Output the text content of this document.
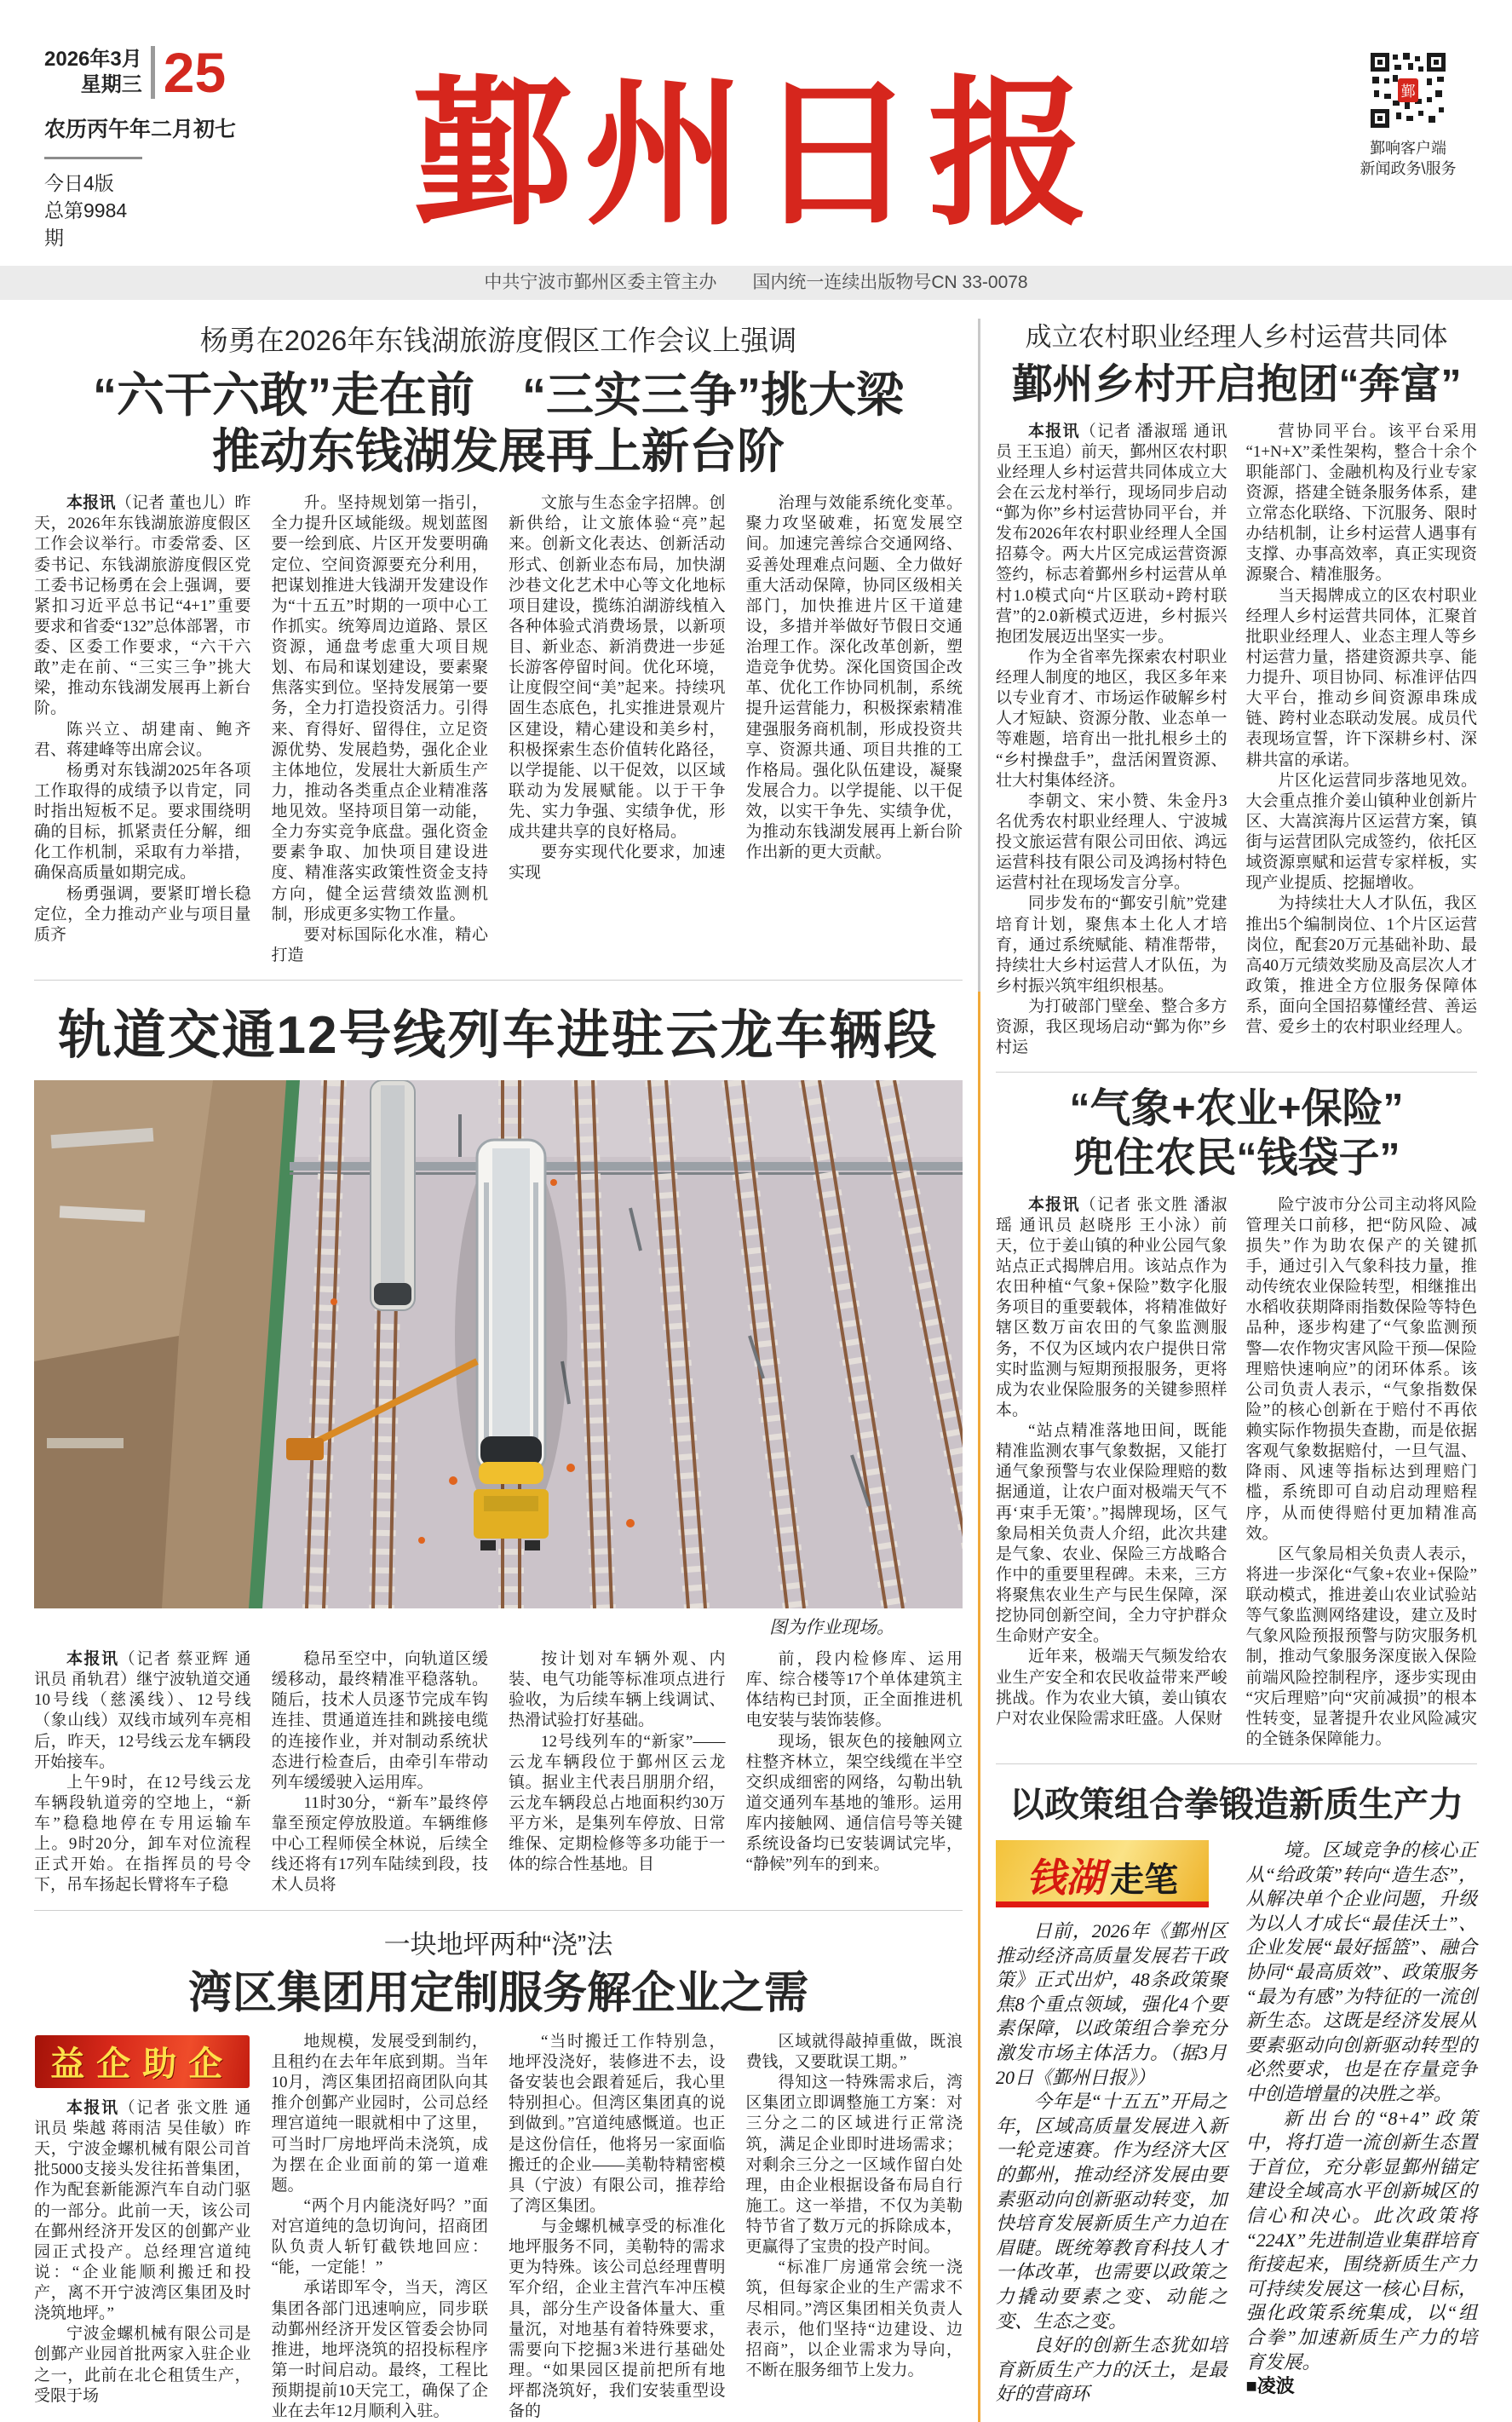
2026年3月
星期三 25
农历丙午年二月初七
今日4版
总第9984期	鄞州日报	鄞
鄞响客户端
新闻政务\服务
中共宁波市鄞州区委主管主办　　国内统一连续出版物号CN 33-0078
杨勇在2026年东钱湖旅游度假区工作会议上强调
“六干六敢”走在前　“三实三争”挑大梁
推动东钱湖发展再上新台阶

本报讯（记者 董也儿）昨天，2026年东钱湖旅游度假区工作会议举行。市委常委、区委书记、东钱湖旅游度假区党工委书记杨勇在会上强调，要紧扣习近平总书记“4+1”重要要求和省委“132”总体部署，市委、区委工作要求，“六干六敢”走在前、“三实三争”挑大梁，推动东钱湖发展再上新台阶。

陈兴立、胡建南、鲍齐君、蒋建峰等出席会议。

杨勇对东钱湖2025年各项工作取得的成绩予以肯定，同时指出短板不足。要求围绕明确的目标，抓紧责任分解，细化工作机制，采取有力举措，确保高质量如期完成。

杨勇强调，要紧盯增长稳定位，全力推动产业与项目量质齐

升。坚持规划第一指引，全力提升区域能级。规划蓝图要一绘到底、片区开发要明确定位、空间资源要充分利用，把谋划推进大钱湖开发建设作为“十五五”时期的一项中心工作抓实。统筹周边道路、景区资源，通盘考虑重大项目规划、布局和谋划建设，要素聚焦落实到位。坚持发展第一要务，全力打造投资活力。引得来、育得好、留得住，立足资源优势、发展趋势，强化企业主体地位，发展壮大新质生产力，推动各类重点企业精准落地见效。坚持项目第一动能，全力夯实竞争底盘。强化资金要素争取、加快项目建设进度、精准落实政策性资金支持方向，健全运营绩效监测机制，形成更多实物工作量。

要对标国际化水准，精心打造

文旅与生态金字招牌。创新供给，让文旅体验“亮”起来。创新文化表达、创新活动形式、创新业态布局，加快湖沙巷文化艺术中心等文化地标项目建设，揽练泊湖游线植入各种体验式消费场景，以新项目、新业态、新消费进一步延长游客停留时间。优化环境，让度假空间“美”起来。持续巩固生态底色，扎实推进景观片区建设，精心建设和美乡村，积极探索生态价值转化路径，以学提能、以干促效，以区域联动为发展赋能。以于干争先、实力争强、实绩争优，形成共建共享的良好格局。

要夯实现代化要求，加速实现

治理与效能系统化变革。聚力攻坚破难，拓宽发展空间。加速完善综合交通网络、妥善处理难点问题、全力做好重大活动保障，协同区级相关部门，加快推进片区干道建设，多措并举做好节假日交通治理工作。深化改革创新，塑造竞争优势。深化国资国企改革、优化工作协同机制，系统提升运营能力，积极探索精准建强服务商机制，形成投资共享、资源共通、项目共推的工作格局。强化队伍建设，凝聚发展合力。以学提能、以干促效，以实干争先、实绩争优，为推动东钱湖发展再上新台阶作出新的更大贡献。

轨道交通12号线列车进驻云龙车辆段
图为作业现场。

本报讯（记者 蔡亚辉 通讯员 甬轨君）继宁波轨道交通10号线（慈溪线）、12号线（象山线）双线市域列车亮相后，昨天，12号线云龙车辆段开始接车。

上午9时，在12号线云龙车辆段轨道旁的空地上，“新车”稳稳地停在专用运输车上。9时20分，卸车对位流程正式开始。在指挥员的号令下，吊车扬起长臂将车子稳

稳吊至空中，向轨道区缓缓移动，最终精准平稳落轨。随后，技术人员逐节完成车钩连挂、贯通道连挂和跳接电缆的连接作业，并对制动系统状态进行检查后，由牵引车带动列车缓缓驶入运用库。

11时30分，“新车”最终停靠至预定停放股道。车辆维修中心工程师侯全林说，后续全线还将有17列车陆续到段，技术人员将

按计划对车辆外观、内装、电气功能等标准项点进行验收，为后续车辆上线调试、热滑试验打好基础。

12号线列车的“新家”——云龙车辆段位于鄞州区云龙镇。据业主代表吕朋朋介绍，云龙车辆段总占地面积约30万平方米，是集列车停放、日常维保、定期检修等多功能于一体的综合性基地。目

前，段内检修库、运用库、综合楼等17个单体建筑主体结构已封顶，正全面推进机电安装与装饰装修。

现场，银灰色的接触网立柱整齐林立，架空线缆在半空交织成细密的网络，勾勒出轨道交通列车基地的雏形。运用库内接触网、通信信号等关键系统设备均已安装调试完毕，“静候”列车的到来。

一块地坪两种“浇”法
湾区集团用定制服务解企业之需
益企助企

本报讯（记者 张文胜 通讯员 柴越 蒋雨洁 吴佳敏）昨天，宁波金螺机械有限公司首批5000支接头发往拓普集团，作为配套新能源汽车自动门驱的一部分。此前一天，该公司在鄞州经济开发区的创鄞产业园正式投产。总经理宫道纯说：“企业能顺利搬迁和投产，离不开宁波湾区集团及时浇筑地坪。”

宁波金螺机械有限公司是创鄞产业园首批两家入驻企业之一，此前在北仑租赁生产，受限于场

地规模，发展受到制约，且租约在去年年底到期。当年10月，湾区集团招商团队向其推介创鄞产业园时，公司总经理宫道纯一眼就相中了这里，可当时厂房地坪尚未浇筑，成为摆在企业面前的第一道难题。

“两个月内能浇好吗？”面对宫道纯的急切询问，招商团队负责人斩钉截铁地回应：“能，一定能！”

承诺即军令，当天，湾区集团各部门迅速响应，同步联动鄞州经济开发区管委会协同推进，地坪浇筑的招投标程序第一时间启动。最终，工程比预期提前10天完工，确保了企业在去年12月顺利入驻。

“当时搬迁工作特别急，地坪没浇好，装修进不去，设备安装也会跟着延后，我心里特别担心。但湾区集团真的说到做到。”宫道纯感慨道。也正是这份信任，他将另一家面临搬迁的企业——美勒特精密模具（宁波）有限公司，推荐给了湾区集团。

与金螺机械享受的标准化地坪服务不同，美勒特的需求更为特殊。该公司总经理曹明军介绍，企业主营汽车冲压模具，部分生产设备体量大、重量沉，对地基有着特殊要求，需要向下挖掘3米进行基础处理。“如果园区提前把所有地坪都浇筑好，我们安装重型设备的

区域就得敲掉重做，既浪费钱，又要耽误工期。”

得知这一特殊需求后，湾区集团立即调整施工方案：对三分之二的区域进行正常浇筑，满足企业即时进场需求；对剩余三分之一区域作留白处理，由企业根据设备布局自行施工。这一举措，不仅为美勒特节省了数万元的拆除成本，更赢得了宝贵的投产时间。

“标准厂房通常会统一浇筑，但每家企业的生产需求不尽相同。”湾区集团相关负责人表示，他们坚持“边建设、边招商”，以企业需求为导向，不断在服务细节上发力。

成立农村职业经理人乡村运营共同体
鄞州乡村开启抱团“奔富”

本报讯（记者 潘淑瑶 通讯员 王玉追）前天，鄞州区农村职业经理人乡村运营共同体成立大会在云龙村举行，现场同步启动“鄞为你”乡村运营协同平台，并发布2026年农村职业经理人全国招募令。两大片区完成运营资源签约，标志着鄞州乡村运营从单村1.0模式向“片区联动+跨村联营”的2.0新模式迈进，乡村振兴抱团发展迈出坚实一步。

作为全省率先探索农村职业经理人制度的地区，我区多年来以专业育才、市场运作破解乡村人才短缺、资源分散、业态单一等难题，培育出一批扎根乡土的“乡村操盘手”，盘活闲置资源、壮大村集体经济。

李朝文、宋小赞、朱金丹3名优秀农村职业经理人、宁波城投文旅运营有限公司田依、鸿远运营科技有限公司及鸿扬村特色运营村社在现场发言分享。

同步发布的“鄞安引航”党建培育计划，聚焦本土化人才培育，通过系统赋能、精准帮带，持续壮大乡村运营人才队伍，为乡村振兴筑牢组织根基。

为打破部门壁垒、整合多方资源，我区现场启动“鄞为你”乡村运

营协同平台。该平台采用“1+N+X”柔性架构，整合十余个职能部门、金融机构及行业专家资源，搭建全链条服务体系，建立常态化联络、下沉服务、限时办结机制，让乡村运营人遇事有支撑、办事高效率，真正实现资源聚合、精准服务。

当天揭牌成立的区农村职业经理人乡村运营共同体，汇聚首批职业经理人、业态主理人等乡村运营力量，搭建资源共享、能力提升、项目协同、标准评估四大平台，推动乡间资源串珠成链、跨村业态联动发展。成员代表现场宣誓，许下深耕乡村、深耕共富的承诺。

片区化运营同步落地见效。大会重点推介姜山镇种业创新片区、大嵩滨海片区运营方案，镇街与运营团队完成签约，依托区域资源禀赋和运营专家样板，实现产业提质、挖掘增收。

为持续壮大人才队伍，我区推出5个编制岗位、1个片区运营岗位，配套20万元基础补助、最高40万元绩效奖励及高层次人才政策，推进全方位服务保障体系，面向全国招募懂经营、善运营、爱乡土的农村职业经理人。

“气象+农业+保险”
兜住农民“钱袋子”

本报讯（记者 张文胜 潘淑瑶 通讯员 赵晓彤 王小泳）前天，位于姜山镇的种业公园气象站点正式揭牌启用。该站点作为农田种植“气象+保险”数字化服务项目的重要载体，将精准做好辖区数万亩农田的气象监测服务，不仅为区域内农户提供日常实时监测与短期预报服务，更将成为农业保险服务的关键参照样本。

“站点精准落地田间，既能精准监测农事气象数据，又能打通气象预警与农业保险理赔的数据通道，让农户面对极端天气不再‘束手无策’。”揭牌现场，区气象局相关负责人介绍，此次共建是气象、农业、保险三方战略合作中的重要里程碑。未来，三方将聚焦农业生产与民生保障，深挖协同创新空间，全力守护群众生命财产安全。

近年来，极端天气频发给农业生产安全和农民收益带来严峻挑战。作为农业大镇，姜山镇农户对农业保险需求旺盛。人保财

险宁波市分公司主动将风险管理关口前移，把“防风险、减损失”作为助农保产的关键抓手，通过引入气象科技力量，推动传统农业保险转型，相继推出水稻收获期降雨指数保险等特色品种，逐步构建了“气象监测预警—农作物灾害风险干预—保险理赔快速响应”的闭环体系。该公司负责人表示，“气象指数保险”的核心创新在于赔付不再依赖实际作物损失查勘，而是依据客观气象数据赔付，一旦气温、降雨、风速等指标达到理赔门槛，系统即可自动启动理赔程序，从而使得赔付更加精准高效。

区气象局相关负责人表示，将进一步深化“气象+农业+保险”联动模式，推进姜山农业试验站等气象监测网络建设，建立及时气象风险预报预警与防灾服务机制，推动气象服务深度嵌入保险前端风险控制程序，逐步实现由“灾后理赔”向“灾前减损”的根本性转变，显著提升农业风险减灾的全链条保障能力。

以政策组合拳锻造新质生产力
钱湖 走笔

日前，2026年《鄞州区推动经济高质量发展若干政策》正式出炉，48条政策聚焦8个重点领域，强化4个要素保障，以政策组合拳充分激发市场主体活力。（据3月20日《鄞州日报》）

今年是“十五五”开局之年，区域高质量发展进入新一轮竞速赛。作为经济大区的鄞州，推动经济发展由要素驱动向创新驱动转变，加快培育发展新质生产力迫在眉睫。既统筹教育科技人才一体改革，也需要以政策之力撬动要素之变、动能之变、生态之变。

良好的创新生态犹如培育新质生产力的沃土，是最好的营商环

境。区域竞争的核心正从“给政策”转向“造生态”，从解决单个企业问题，升级为以人才成长“最佳沃土”、企业发展“最好摇篮”、融合协同“最高质效”、政策服务“最为有感”为特征的一流创新生态。这既是经济发展从要素驱动向创新驱动转型的必然要求，也是在存量竞争中创造增量的决胜之举。

新出台的“8+4”政策中，将打造一流创新生态置于首位，充分彰显鄞州锚定建设全域高水平创新城区的信心和决心。此次政策将“224X”先进制造业集群培育衔接起来，围绕新质生产力可持续发展这一核心目标，强化政策系统集成，以“组合拳”加速新质生产力的培育发展。

■凌波
